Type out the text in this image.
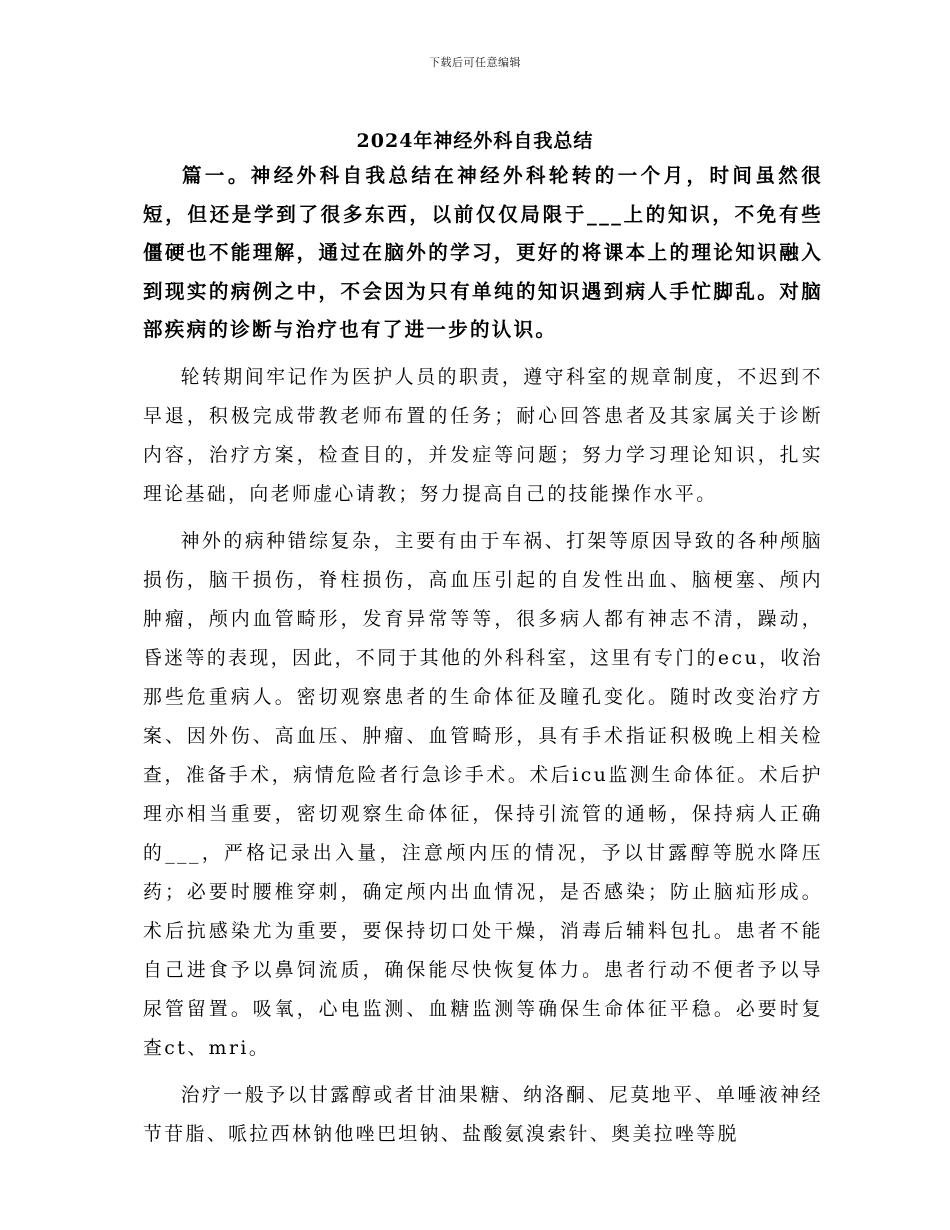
下载后可任意编辑
2024年神经外科自我总结

篇一。神经外科自我总结在神经外科轮转的一个月，时间虽然很短，但还是学到了很多东西，以前仅仅局限于___上的知识，不免有些僵硬也不能理解，通过在脑外的学习，更好的将课本上的理论知识融入到现实的病例之中，不会因为只有单纯的知识遇到病人手忙脚乱。对脑部疾病的诊断与治疗也有了进一步的认识。

轮转期间牢记作为医护人员的职责，遵守科室的规章制度，不迟到不早退，积极完成带教老师布置的任务；耐心回答患者及其家属关于诊断内容，治疗方案，检查目的，并发症等问题；努力学习理论知识，扎实理论基础，向老师虚心请教；努力提高自己的技能操作水平。

神外的病种错综复杂，主要有由于车祸、打架等原因导致的各种颅脑损伤，脑干损伤，脊柱损伤，高血压引起的自发性出血、脑梗塞、颅内肿瘤，颅内血管畸形，发育异常等等，很多病人都有神志不清，躁动，昏迷等的表现，因此，不同于其他的外科科室，这里有专门的ecu，收治那些危重病人。密切观察患者的生命体征及瞳孔变化。随时改变治疗方案、因外伤、高血压、肿瘤、血管畸形，具有手术指证积极晚上相关检查，准备手术，病情危险者行急诊手术。术后icu监测生命体征。术后护理亦相当重要，密切观察生命体征，保持引流管的通畅，保持病人正确的___，严格记录出入量，注意颅内压的情况，予以甘露醇等脱水降压药；必要时腰椎穿刺，确定颅内出血情况，是否感染；防止脑疝形成。术后抗感染尤为重要，要保持切口处干燥，消毒后辅料包扎。患者不能自己进食予以鼻饲流质，确保能尽快恢复体力。患者行动不便者予以导尿管留置。吸氧，心电监测、血糖监测等确保生命体征平稳。必要时复查ct、mri。

治疗一般予以甘露醇或者甘油果糖、纳洛酮、尼莫地平、单唾液神经节苷脂、哌拉西林钠他唑巴坦钠、盐酸氨溴索针、奥美拉唑等脱
